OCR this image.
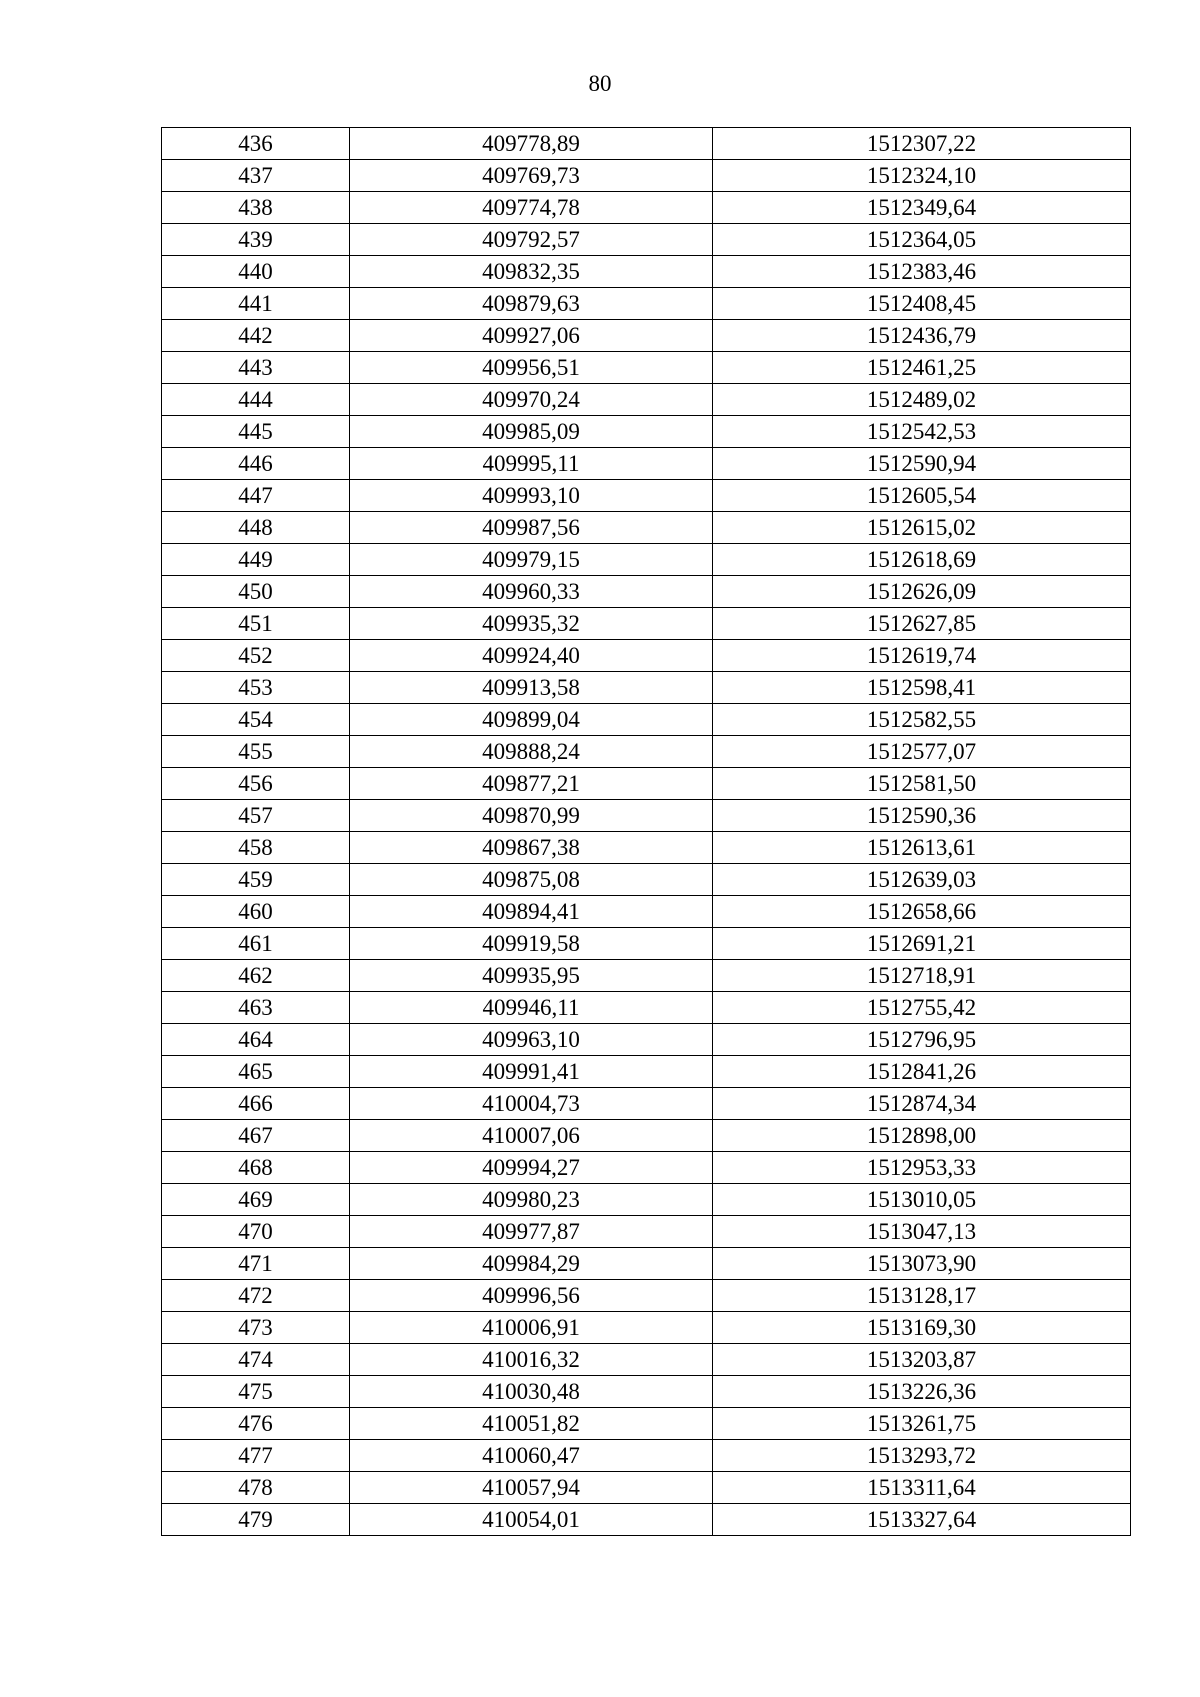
80
436	409778,89	1512307,22
437	409769,73	1512324,10
438	409774,78	1512349,64
439	409792,57	1512364,05
440	409832,35	1512383,46
441	409879,63	1512408,45
442	409927,06	1512436,79
443	409956,51	1512461,25
444	409970,24	1512489,02
445	409985,09	1512542,53
446	409995,11	1512590,94
447	409993,10	1512605,54
448	409987,56	1512615,02
449	409979,15	1512618,69
450	409960,33	1512626,09
451	409935,32	1512627,85
452	409924,40	1512619,74
453	409913,58	1512598,41
454	409899,04	1512582,55
455	409888,24	1512577,07
456	409877,21	1512581,50
457	409870,99	1512590,36
458	409867,38	1512613,61
459	409875,08	1512639,03
460	409894,41	1512658,66
461	409919,58	1512691,21
462	409935,95	1512718,91
463	409946,11	1512755,42
464	409963,10	1512796,95
465	409991,41	1512841,26
466	410004,73	1512874,34
467	410007,06	1512898,00
468	409994,27	1512953,33
469	409980,23	1513010,05
470	409977,87	1513047,13
471	409984,29	1513073,90
472	409996,56	1513128,17
473	410006,91	1513169,30
474	410016,32	1513203,87
475	410030,48	1513226,36
476	410051,82	1513261,75
477	410060,47	1513293,72
478	410057,94	1513311,64
479	410054,01	1513327,64
